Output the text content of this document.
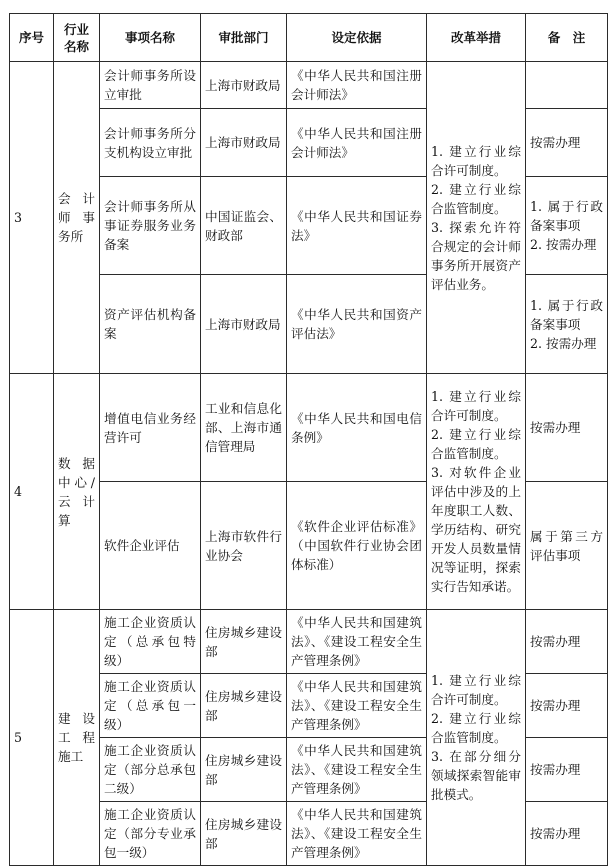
序号	行业名称	事项名称	审批部门	设定依据	改革举措	备　注
3	会计师事务所	会计师事务所设立审批	上海市财政局	《中华人民共和国注册会计师法》	1. 建立行业综合许可制度。
2. 建立行业综合监管制度。
3. 探索允许符合规定的会计师事务所开展资产评估业务。	

		会计师事务所分支机构设立审批	上海市财政局	《中华人民共和国注册会计师法》		按需办理
		会计师事务所从事证券服务业务备案	中国证监会、财政部	《中华人民共和国证券法》		1. 属于行政备案事项
2. 按需办理

		资产评估机构备案	上海市财政局	《中华人民共和国资产评估法》		1. 属于行政备案事项
2. 按需办理

4	数据中心/云计算	增值电信业务经营许可	工业和信息化部、上海市通信管理局	《中华人民共和国电信条例》	1. 建立行业综合许可制度。
2. 建立行业综合监管制度。
3. 对软件企业评估中涉及的上年度职工人数、学历结构、研究开发人员数量情况等证明，探索实行告知承诺。	按需办理
		软件企业评估	上海市软件行业协会	《软件企业评估标准》（中国软件行业协会团体标准）		属于第三方评估事项
5	建设工程施工	施工企业资质认定（总承包特级）	住房城乡建设部	《中华人民共和国建筑法》、《建设工程安全生产管理条例》	1. 建立行业综合许可制度。
2. 建立行业综合监管制度。
3. 在部分细分领域探索智能审批模式。	按需办理
		施工企业资质认定（总承包一级）	住房城乡建设部	《中华人民共和国建筑法》、《建设工程安全生产管理条例》		按需办理
		施工企业资质认定（部分总承包二级）	住房城乡建设部	《中华人民共和国建筑法》、《建设工程安全生产管理条例》		按需办理
		施工企业资质认定（部分专业承包一级）	住房城乡建设部	《中华人民共和国建筑法》、《建设工程安全生产管理条例》		按需办理
